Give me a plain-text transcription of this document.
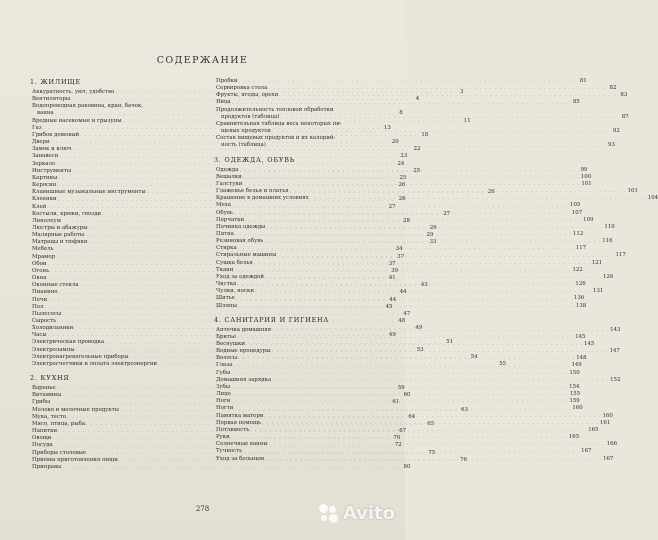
СОДЕРЖАНИЕ
1. ЖИЛИЩЕ
Аккуратность, уют, удобство . . .	3
Вентиляторы . . .	4
Водопроводная раковина, кран, бачок,
ванна . . .	8
Вредные насекомые и грызуны . . .	11
Газ . . .	13
Грибок домовый . . .	18
Двери . . .	20
Замок и ключ . . .	22
Занавеси . . .	23
Зеркало . . .	24
Инструменты . . .	25
Картины . . .	25
Керосин . . .	26
Клавишные музыкальные инструменты . . .	26
Клеенки . . .	26
Клей . . .	27
Костыли, крюки, гвозди . . .	27
Линолеум . . .	28
Люстры и абажуры . . .	29
Малярные работы . . .	29
Матрацы и тюфяки . . .	33
Мебель . . .	34
Мрамор . . .	37
Обои . . .	37
Огонь . . .	39
Окна . . .	41
Оконные стекла . . .	43
Пианино . . .	44
Печи . . .	44
Пол . . .	45
Пылесосы . . .	47
Сырость . . .	48
Холодильники . . .	49
Часы . . .	49
Электрическая проводка . . .	51
Электролампы . . .	53
Электронагревательные приборы . . .	54
Электросчетчики и оплата электроэнергии . . .	55
2. КУХНЯ
Варенье . . .	59
Витамины . . .	60
Грибы . . .	61
Молоко и молочные продукты . . .	63
Мука, тесто . . .	64
Мясо, птица, рыба . . .	65
Напитки . . .	67
Овощи . . .	70
Посуда . . .	72
Приборы столовые . . .	75
Приемы приготовления пищи . . .	76
Приправы . . .	80
Пробки . . .	81
Сервировка стола . . .	82
Фрукты, ягоды, орехи . . .	83
Яйца . . .	85
Продолжительность тепловой обработки
продуктов (таблица) . . .	87
Сравнительная таблица веса некоторых пи-
щевых продуктов . . .	92
Состав пищевых продуктов и их калорий-
ность (таблица) . . .	93
3. ОДЕЖДА, ОБУВЬ
Одежда . . .	99
Вешалки . . .	100
Галстуки . . .	101
Глаженье белья и платья . . .	101
Крашение в домашних условиях . . .	104
Меха . . .	105
Обувь . . .	107
Перчатки . . .	109
Починка одежды . . .	110
Пятна . . .	112
Резиновая обувь . . .	116
Стирка . . .	117
Стиральные машины . . .	117
Сушка белья . . .	121
Ткани . . .	122
Уход за одеждой . . .	126
Чистка . . .	126
Чулки, носки . . .	131
Шитье . . .	136
Шляпы . . .	138
4. САНИТАРИЯ И ГИГИЕНА
Аптечка домашняя . . .	143
Бритье . . .	145
Веснушки . . .	145
Водные процедуры . . .	147
Волосы . . .	148
Глаза . . .	149
Губы . . .	150
Домашняя зарядка . . .	152
Зубы . . .	154
Лицо . . .	155
Ноги . . .	159
Ногти . . .	160
Памятка матери . . .	160
Первая помощь . . .	161
Потливость . . .	165
Руки . . .	165
Солнечные ванны . . .	166
Тучность . . .	167
Уход за больным . . .	167
278	Avito
